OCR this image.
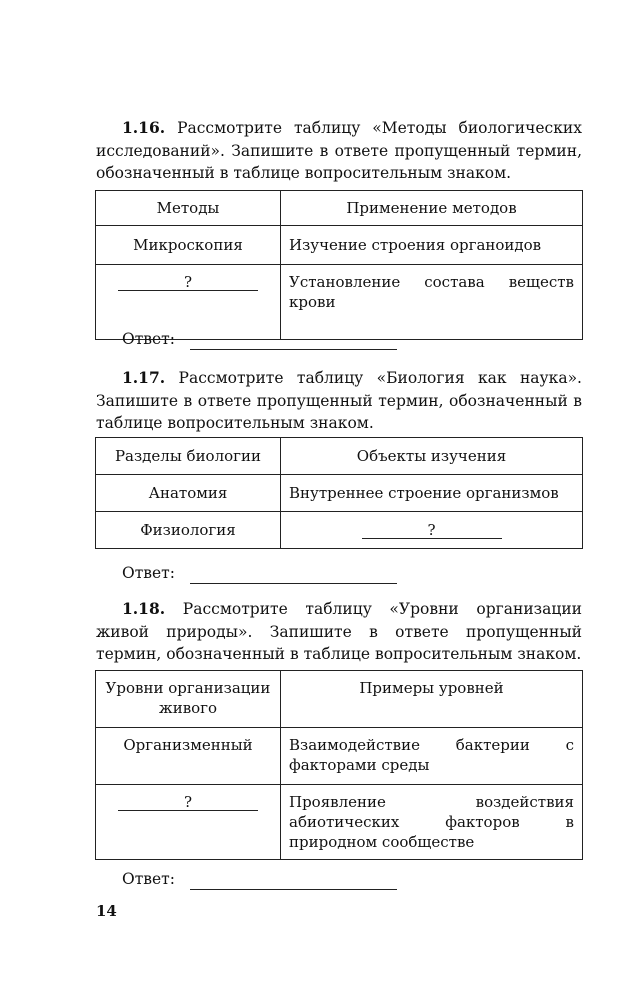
1.16. Рассмотрите таблицу «Методы биологических исследований». Запишите в ответе пропущенный термин, обозначенный в таблице вопросительным знаком.

Методы	Применение методов
Микроскопия	Изучение строения органоидов
?	Установление состава веществ
крови
Ответ:

1.17. Рассмотрите таблицу «Биология как наука». Запишите в ответе пропущенный термин, обозначенный в таблице вопросительным знаком.

Разделы биологии	Объекты изучения
Анатомия	Внутреннее строение организмов
Физиология	?
Ответ:

1.18. Рассмотрите таблицу «Уровни организации живой природы». Запишите в ответе пропущенный термин, обозначенный в таблице вопросительным знаком.

Уровни организации живого	Примеры уровней
Организменный	Взаимодействие бактерии с факторами среды
?	Проявление воздействия абиотических факторов в природном сообществе
Ответ:
14
